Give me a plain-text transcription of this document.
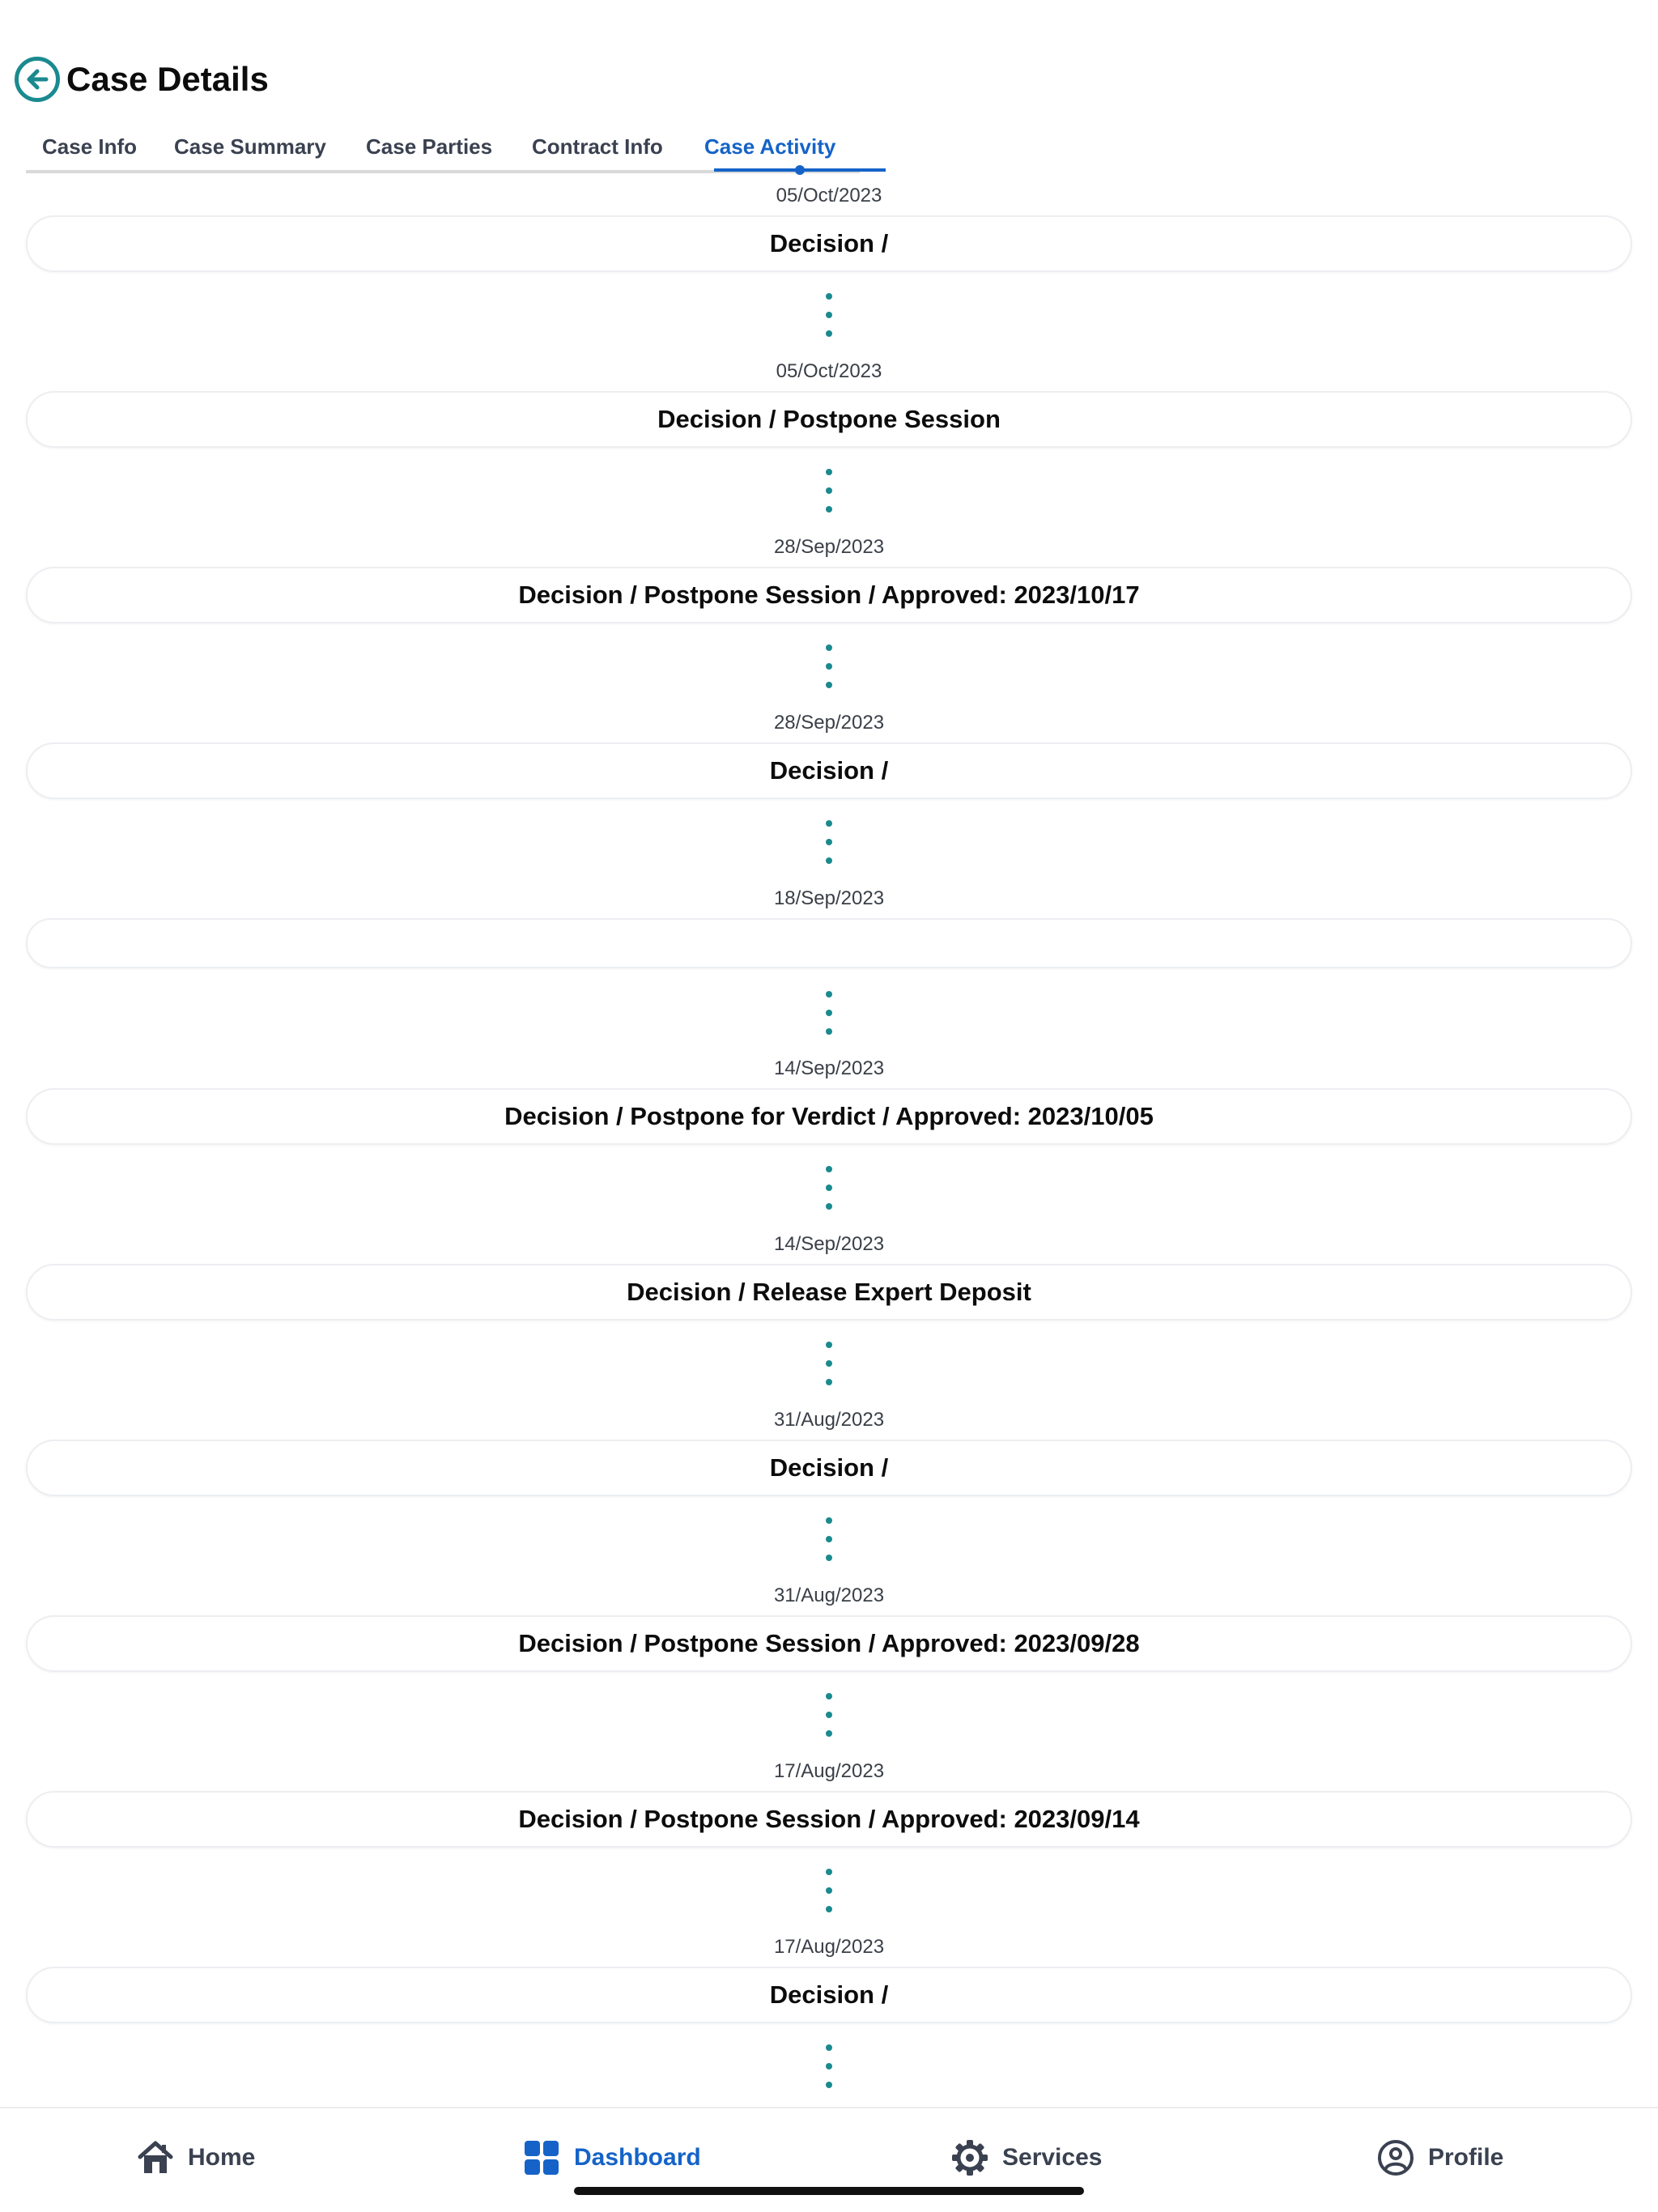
Case Details
Case Info Case Summary Case Parties Contract Info Case Activity
05/Oct/2023
Decision /
05/Oct/2023
Decision / Postpone Session
28/Sep/2023
Decision / Postpone Session / Approved: 2023/10/17
28/Sep/2023
Decision /
18/Sep/2023
14/Sep/2023
Decision / Postpone for Verdict / Approved: 2023/10/05
14/Sep/2023
Decision / Release Expert Deposit
31/Aug/2023
Decision /
31/Aug/2023
Decision / Postpone Session / Approved: 2023/09/28
17/Aug/2023
Decision / Postpone Session / Approved: 2023/09/14
17/Aug/2023
Decision /
Home	Dashboard	Services	Profile
